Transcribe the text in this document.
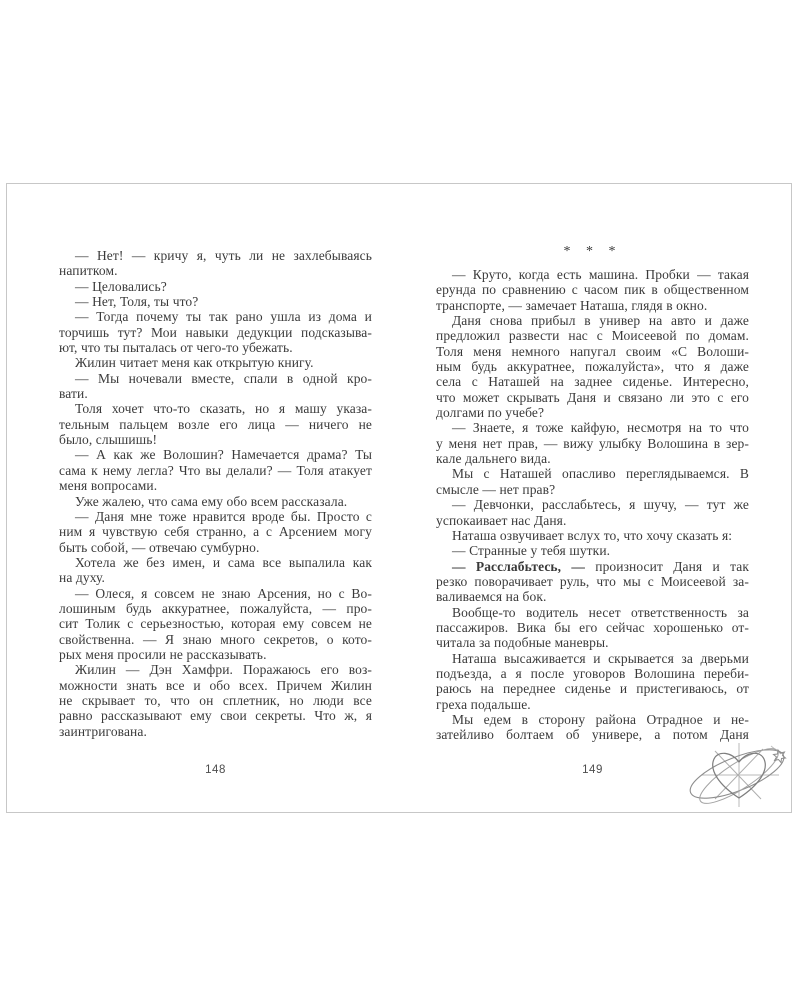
— Нет! — кричу я, чуть ли не захлебываясь
напитком.
— Целовались?
— Нет, Толя, ты что?
— Тогда почему ты так рано ушла из дома и
торчишь тут? Мои навыки дедукции подсказыва-
ют, что ты пыталась от чего-то убежать.
Жилин читает меня как открытую книгу.
— Мы ночевали вместе, спали в одной кро-
вати.
Толя хочет что-то сказать, но я машу указа-
тельным пальцем возле его лица — ничего не
было, слышишь!
— А как же Волошин? Намечается драма? Ты
сама к нему легла? Что вы делали? — Толя атакует
меня вопросами.
Уже жалею, что сама ему обо всем рассказала.
— Даня мне тоже нравится вроде бы. Просто с
ним я чувствую себя странно, а с Арсением могу
быть собой, — отвечаю сумбурно.
Хотела же без имен, и сама все выпалила как
на духу.
— Олеся, я совсем не знаю Арсения, но с Во-
лошиным будь аккуратнее, пожалуйста, — про-
сит Толик с серьезностью, которая ему совсем не
свойственна. — Я знаю много секретов, о кото-
рых меня просили не рассказывать.
Жилин — Дэн Хамфри. Поражаюсь его воз-
можности знать все и обо всех. Причем Жилин
не скрывает то, что он сплетник, но люди все
равно рассказывают ему свои секреты. Что ж, я
заинтригована.
* * *
— Круто, когда есть машина. Пробки — такая
ерунда по сравнению с часом пик в общественном
транспорте, — замечает Наташа, глядя в окно.
Даня снова прибыл в универ на авто и даже
предложил развести нас с Моисеевой по домам.
Толя меня немного напугал своим «С Волоши-
ным будь аккуратнее, пожалуйста», что я даже
села с Наташей на заднее сиденье. Интересно,
что может скрывать Даня и связано ли это с его
долгами по учебе?
— Знаете, я тоже кайфую, несмотря на то что
у меня нет прав, — вижу улыбку Волошина в зер-
кале дальнего вида.
Мы с Наташей опасливо переглядываемся. В
смысле — нет прав?
— Девчонки, расслабьтесь, я шучу, — тут же
успокаивает нас Даня.
Наташа озвучивает вслух то, что хочу сказать я:
— Странные у тебя шутки.
— Расслабьтесь, — произносит Даня и так
резко поворачивает руль, что мы с Моисеевой за-
валиваемся на бок.
Вообще-то водитель несет ответственность за
пассажиров. Вика бы его сейчас хорошенько от-
читала за подобные маневры.
Наташа высаживается и скрывается за дверьми
подъезда, а я после уговоров Волошина переби-
раюсь на переднее сиденье и пристегиваюсь, от
греха подальше.
Мы едем в сторону района Отрадное и не-
затейливо болтаем об универе, а потом Даня
148	149
